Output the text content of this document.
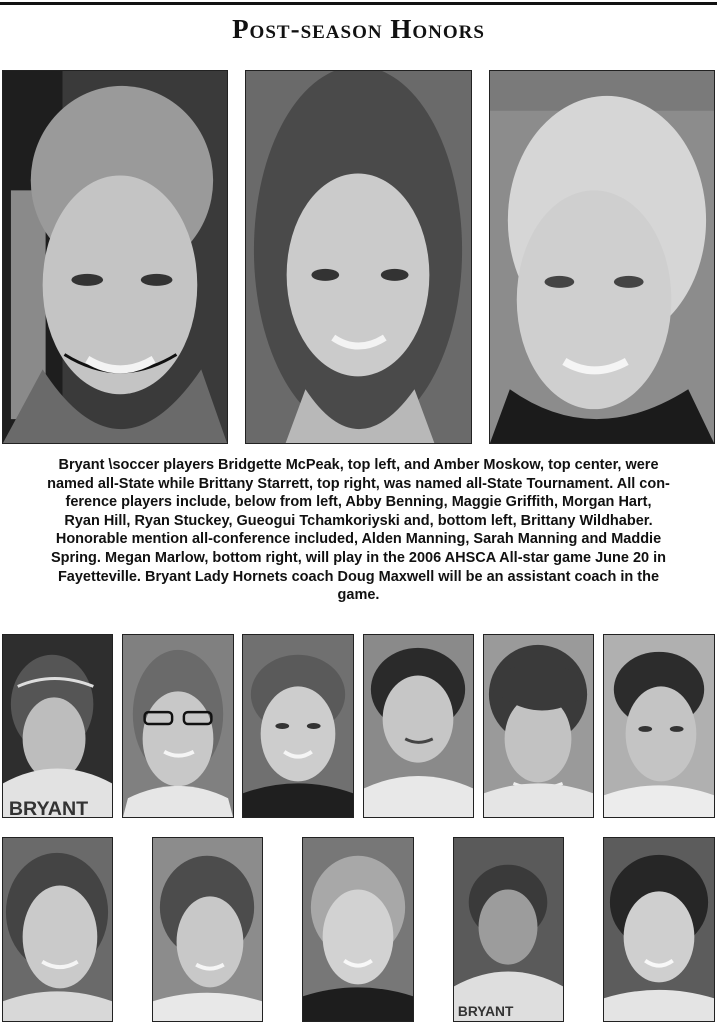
Post-season Honors
Bryant \soccer players Bridgette McPeak, top left, and Amber Moskow, top center, were
named all-State while Brittany Starrett, top right, was named all-State Tournament. All con-
ference players include, below from left, Abby Benning, Maggie Griffith, Morgan Hart,
Ryan Hill, Ryan Stuckey, Gueogui Tchamkoriyski and, bottom left, Brittany Wildhaber.
Honorable mention all-conference included, Alden Manning, Sarah Manning and Maddie
Spring. Megan Marlow, bottom right, will play in the 2006 AHSCA All-star game June 20 in
Fayetteville. Bryant Lady Hornets coach Doug Maxwell will be an assistant coach in the
game.
BRYANT
BRYANT
